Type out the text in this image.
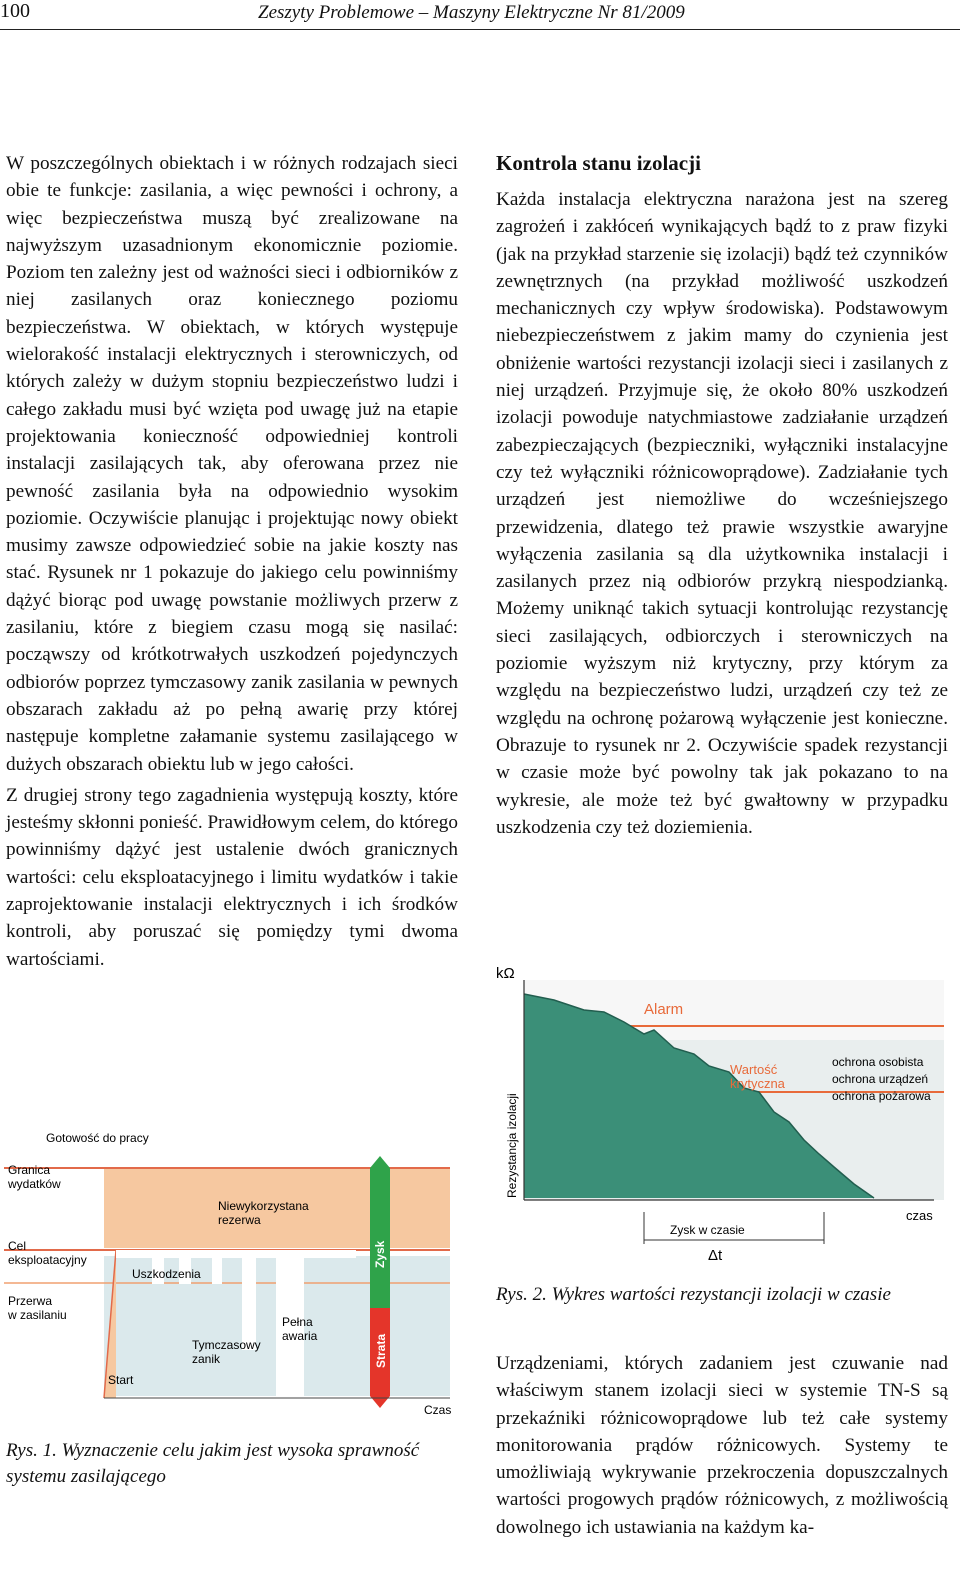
100	Zeszyty Problemowe – Maszyny Elektryczne Nr 81/2009

W poszczególnych obiektach i w różnych rodzajach sieci obie te funkcje: zasilania, a więc pewności i ochrony, a więc bezpieczeństwa muszą być zrealizowane na najwyższym uzasadnionym ekonomicznie poziomie. Poziom ten zależny jest od ważności sieci i odbiorników z niej zasilanych oraz koniecznego poziomu bezpieczeństwa. W obiektach, w których występuje wielorakość instalacji elektrycznych i sterowniczych, od których zależy w dużym stopniu bezpieczeństwo ludzi i całego zakładu musi być wzięta pod uwagę już na etapie projektowania konieczność odpowiedniej kontroli instalacji zasilających tak, aby oferowana przez nie pewność zasilania była na odpowiednio wysokim poziomie. Oczywiście planując i projektując nowy obiekt musimy zawsze odpowiedzieć sobie na jakie koszty nas stać. Rysunek nr 1 pokazuje do jakiego celu powinniśmy dążyć biorąc pod uwagę powstanie możliwych przerw z zasilaniu, które z biegiem czasu mogą się nasilać: począwszy od krótkotrwałych uszkodzeń pojedynczych odbiorów poprzez tymczasowy zanik zasilania w pewnych obszarach zakładu aż po pełną awarię przy której następuje kompletne załamanie systemu zasilającego w dużych obszarach obiektu lub w jego całości.

Z drugiej strony tego zagadnienia występują koszty, które jesteśmy skłonni ponieść. Prawidłowym celem, do którego powinniśmy dążyć jest ustalenie dwóch granicznych wartości: celu eksploatacyjnego i limitu wydatków i takie zaprojektowanie instalacji elektrycznych i ich środków kontroli, aby poruszać się pomiędzy tymi dwoma wartościami.

Kontrola stanu izolacji

Każda instalacja elektryczna narażona jest na szereg zagrożeń i zakłóceń wynikających bądź to z praw fizyki (jak na przykład starzenie się izolacji) bądź też czynników zewnętrznych (na przykład możliwość uszkodzeń mechanicznych czy wpływ środowiska). Podstawowym niebezpieczeństwem z jakim mamy do czynienia jest obniżenie wartości rezystancji izolacji sieci i zasilanych z niej urządzeń. Przyjmuje się, że około 80% uszkodzeń izolacji powoduje natychmiastowe zadziałanie urządzeń zabezpieczających (bezpieczniki, wyłączniki instalacyjne czy też wyłączniki różnicowoprądowe). Zadziałanie tych urządzeń jest niemożliwe do wcześniejszego przewidzenia, dlatego też prawie wszystkie awaryjne wyłączenia zasilania są dla użytkownika instalacji i zasilanych przez nią odbiorów przykrą niespodzianką. Możemy uniknąć takich sytuacji kontrolując rezystancję sieci zasilających, odbiorczych i sterowniczych na poziomie wyższym niż krytyczny, przy którym za względu na bezpieczeństwo ludzi, urządzeń czy też ze względu na ochronę pożarową wyłączenie jest konieczne. Obrazuje to rysunek nr 2. Oczywiście spadek rezystancji w czasie może być powolny tak jak pokazano to na wykresie, ale może też być gwałtowny w przypadku uszkodzenia czy też doziemienia.

Gotowość do pracy
Granica
wydatków
Cel
eksploatacyjny
Przerwa
w zasilaniu
Niewykorzystana
rezerwa
Uszkodzenia
Zysk
Strata
Pełna
awaria
Tymczasowy
zanik
Start
Czas
Rys. 1. Wyznaczenie celu jakim jest wysoka sprawność systemu zasilającego
kΩ
Alarm
Wartość
krytyczna
ochrona osobista
ochrona urządzeń
ochrona pożarowa
Rezystancja izolacji
Zysk w czasie
czas
Δt
Rys. 2. Wykres wartości rezystancji izolacji w czasie

Urządzeniami, których zadaniem jest czuwanie nad właściwym stanem izolacji sieci w systemie TN-S są przekaźniki różnicowoprądowe lub też całe systemy monitorowania prądów różnicowych. Systemy te umożliwiają wykrywanie przekroczenia dopuszczalnych wartości progowych prądów różnicowych, z możliwością dowolnego ich ustawiania na każdym ka-
